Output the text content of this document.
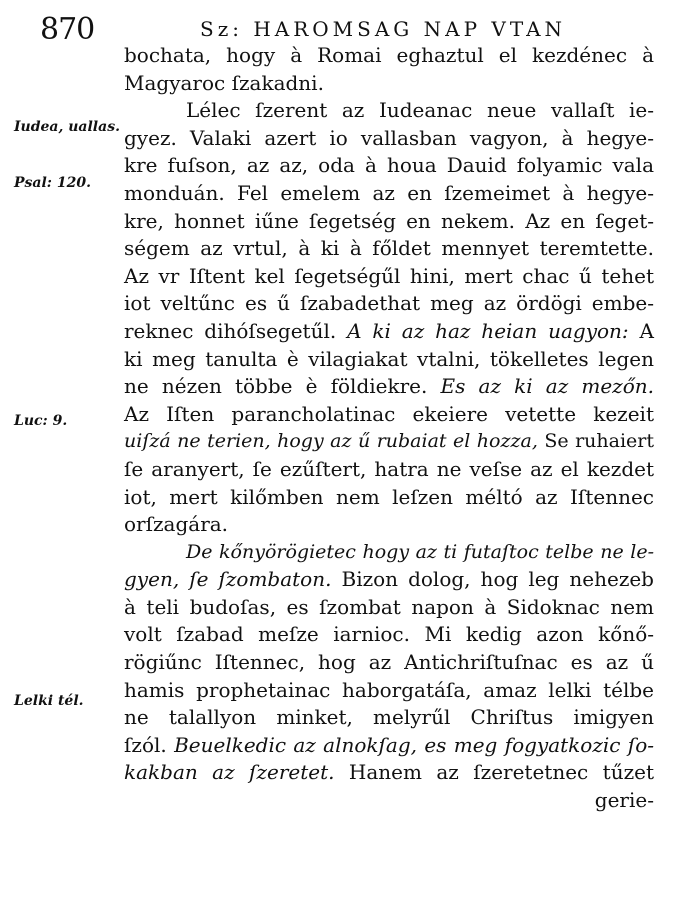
870	Sz: HAROMSAG NAP VTAN
Iudea, uallas.
Psal: 120.
Luc: 9.
Lelki tél.
bochata, hogy à Romai eghaztul el kezdénec à
Magyaroc ſzakadni.
Lélec ſzerent az Iudeanac neue vallaſt ie-
gyez. Valaki azert io vallasban vagyon, à hegye-
kre fuſson, az az, oda à houa Dauid folyamic vala
monduán. Fel emelem az en ſzemeimet à hegye-
kre, honnet iűne ſegetség en nekem. Az en ſeget-
ségem az vrtul, à ki à főldet mennyet teremtette.
Az vr Iſtent kel ſegetségűl hini, mert chac ű tehet
iot veltűnc es ű ſzabadethat meg az ördögi embe-
reknec dihóſsegetűl. A ki az haz heian uagyon: A
ki meg tanulta è vilagiakat vtalni, tökelletes legen
ne nézen többe è földiekre. Es az ki az mezőn.
Az Iſten parancholatinac ekeiere vetette kezeit
uiſzá ne terien, hogy az ű rubaiat el hozza, Se ruhaiert
ſe aranyert, ſe ezűſtert, hatra ne veſse az el kezdet
iot, mert kilőmben nem leſzen méltó az Iſtennec
orſzagára.
De kőnyörögietec hogy az ti futaſtoc telbe ne le-
gyen, ſe ſzombaton. Bizon dolog, hog leg nehezeb
à teli budoſas, es ſzombat napon à Sidoknac nem
volt ſzabad meſze iarnioc. Mi kedig azon kőnő-
rögiűnc Iſtennec, hog az Antichriſtuſnac es az ű
hamis prophetainac haborgatáſa, amaz lelki télbe
ne talallyon minket, melyrűl Chriſtus imigyen
ſzól. Beuelkedic az alnokſag, es meg fogyatkozic ſo-
kakban az ſzeretet. Hanem az ſzeretetnec tűzet
gerie-
